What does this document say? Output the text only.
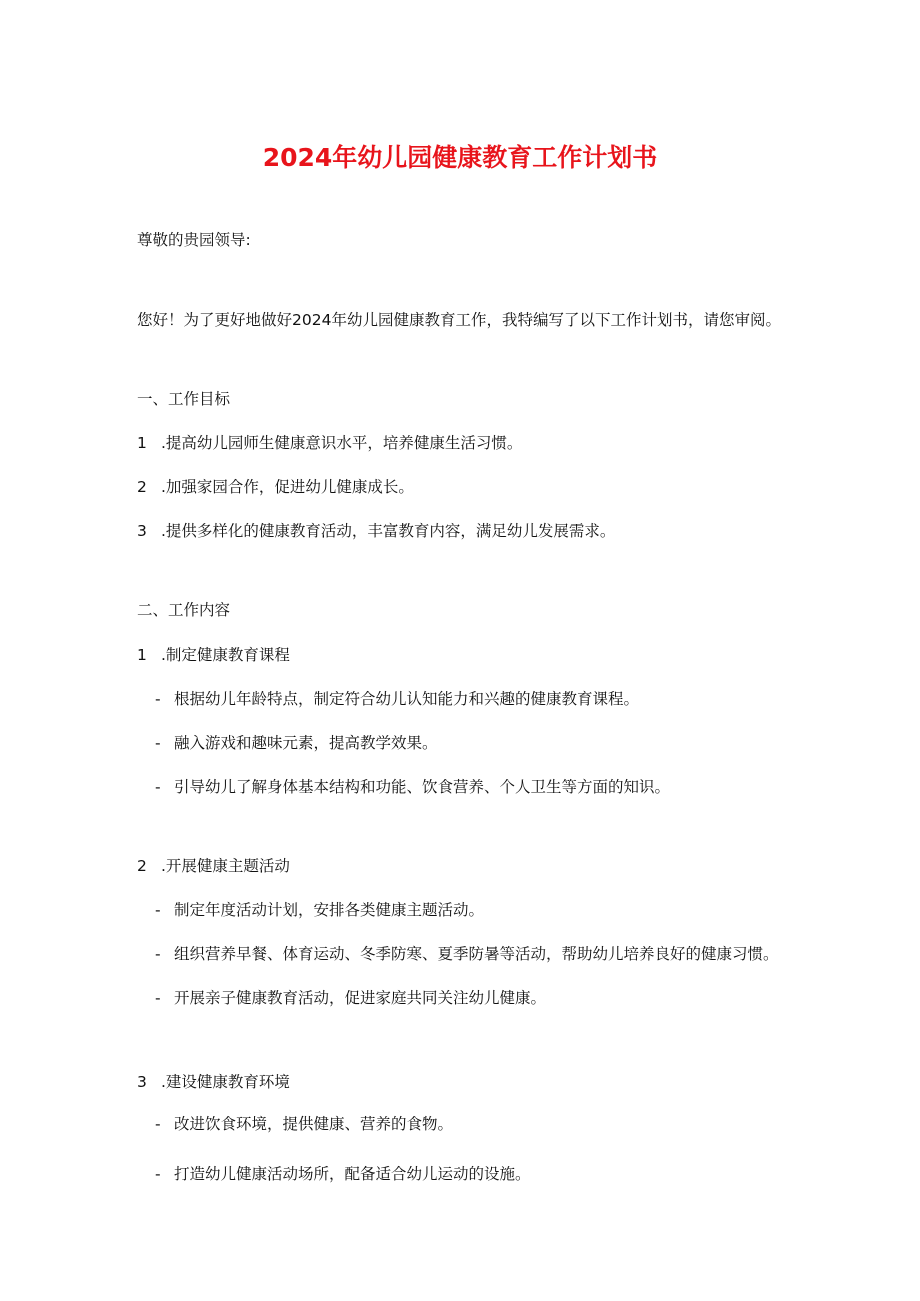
2024年幼儿园健康教育工作计划书
尊敬的贵园领导:
您好！为了更好地做好2024年幼儿园健康教育工作，我特编写了以下工作计划书，请您审阅。
一、工作目标
1 .提高幼儿园师生健康意识水平，培养健康生活习惯。
2 .加强家园合作，促进幼儿健康成长。
3 .提供多样化的健康教育活动，丰富教育内容，满足幼儿发展需求。
二、工作内容
1 .制定健康教育课程
- 根据幼儿年龄特点，制定符合幼儿认知能力和兴趣的健康教育课程。
- 融入游戏和趣味元素，提高教学效果。
- 引导幼儿了解身体基本结构和功能、饮食营养、个人卫生等方面的知识。
2 .开展健康主题活动
- 制定年度活动计划，安排各类健康主题活动。
- 组织营养早餐、体育运动、冬季防寒、夏季防暑等活动，帮助幼儿培养良好的健康习惯。
- 开展亲子健康教育活动，促进家庭共同关注幼儿健康。
3 .建设健康教育环境
- 改进饮食环境，提供健康、营养的食物。
- 打造幼儿健康活动场所，配备适合幼儿运动的设施。
